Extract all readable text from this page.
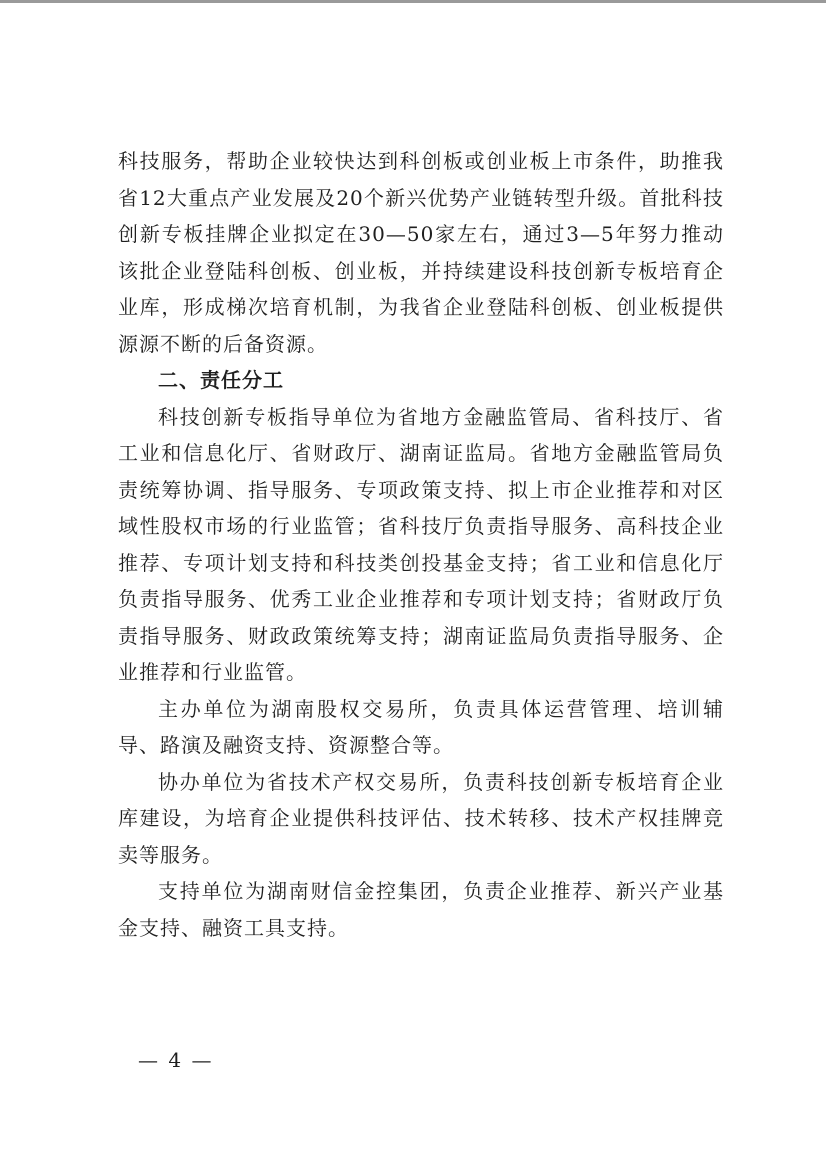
科技服务，帮助企业较快达到科创板或创业板上市条件，助推我省12大重点产业发展及20个新兴优势产业链转型升级。首批科技创新专板挂牌企业拟定在30—50家左右，通过3—5年努力推动该批企业登陆科创板、创业板，并持续建设科技创新专板培育企业库，形成梯次培育机制，为我省企业登陆科创板、创业板提供源源不断的后备资源。

二、责任分工

科技创新专板指导单位为省地方金融监管局、省科技厅、省工业和信息化厅、省财政厅、湖南证监局。省地方金融监管局负责统筹协调、指导服务、专项政策支持、拟上市企业推荐和对区域性股权市场的行业监管；省科技厅负责指导服务、高科技企业推荐、专项计划支持和科技类创投基金支持；省工业和信息化厅负责指导服务、优秀工业企业推荐和专项计划支持；省财政厅负责指导服务、财政政策统筹支持；湖南证监局负责指导服务、企业推荐和行业监管。

主办单位为湖南股权交易所，负责具体运营管理、培训辅导、路演及融资支持、资源整合等。

协办单位为省技术产权交易所，负责科技创新专板培育企业库建设，为培育企业提供科技评估、技术转移、技术产权挂牌竞卖等服务。

支持单位为湖南财信金控集团，负责企业推荐、新兴产业基金支持、融资工具支持。

— 4 —
